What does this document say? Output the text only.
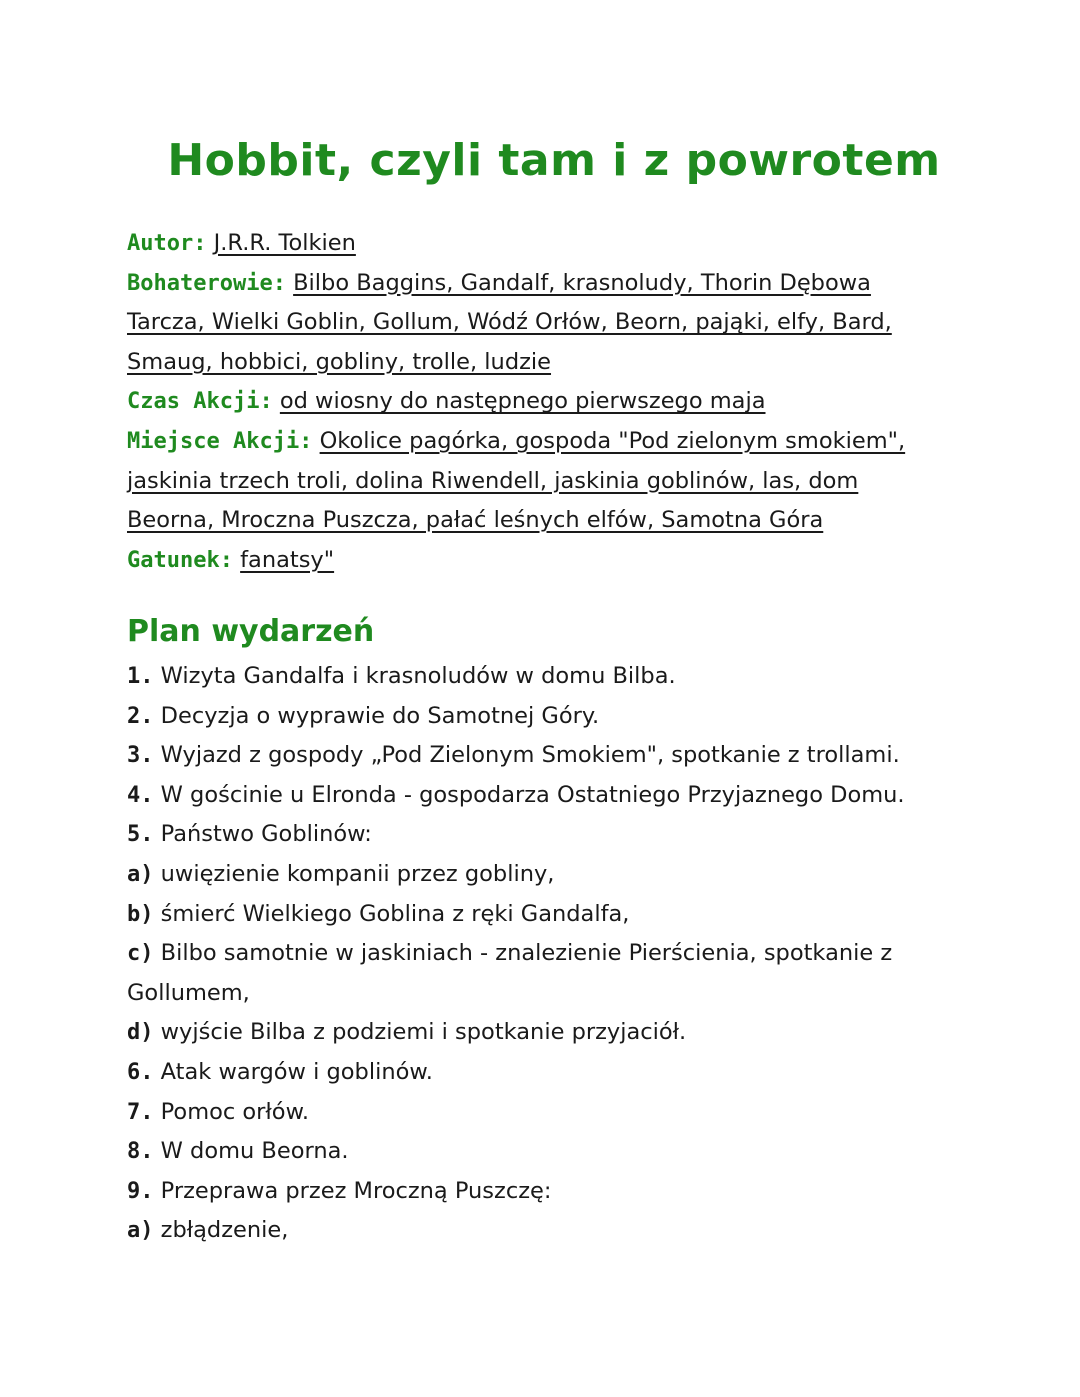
Hobbit, czyli tam i z powrotem

Autor: J.R.R. Tolkien

Bohaterowie: Bilbo Baggins, Gandalf, krasnoludy, Thorin Dębowa

Tarcza, Wielki Goblin, Gollum, Wódź Orłów, Beorn, pająki, elfy, Bard,

Smaug, hobbici, gobliny, trolle, ludzie

Czas Akcji: od wiosny do następnego pierwszego maja

Miejsce Akcji: Okolice pagórka, gospoda "Pod zielonym smokiem",

jaskinia trzech troli, dolina Riwendell, jaskinia goblinów, las, dom

Beorna, Mroczna Puszcza, pałać leśnych elfów, Samotna Góra

Gatunek: fanatsy"

Plan wydarzeń

1. Wizyta Gandalfa i krasnoludów w domu Bilba.

2. Decyzja o wyprawie do Samotnej Góry.

3. Wyjazd z gospody „Pod Zielonym Smokiem", spotkanie z trollami.

4. W gościnie u Elronda - gospodarza Ostatniego Przyjaznego Domu.

5. Państwo Goblinów:

a) uwięzienie kompanii przez gobliny,

b) śmierć Wielkiego Goblina z ręki Gandalfa,

c) Bilbo samotnie w jaskiniach - znalezienie Pierścienia, spotkanie z

Gollumem,

d) wyjście Bilba z podziemi i spotkanie przyjaciół.

6. Atak wargów i goblinów.

7. Pomoc orłów.

8. W domu Beorna.

9. Przeprawa przez Mroczną Puszczę:

a) zbłądzenie,
